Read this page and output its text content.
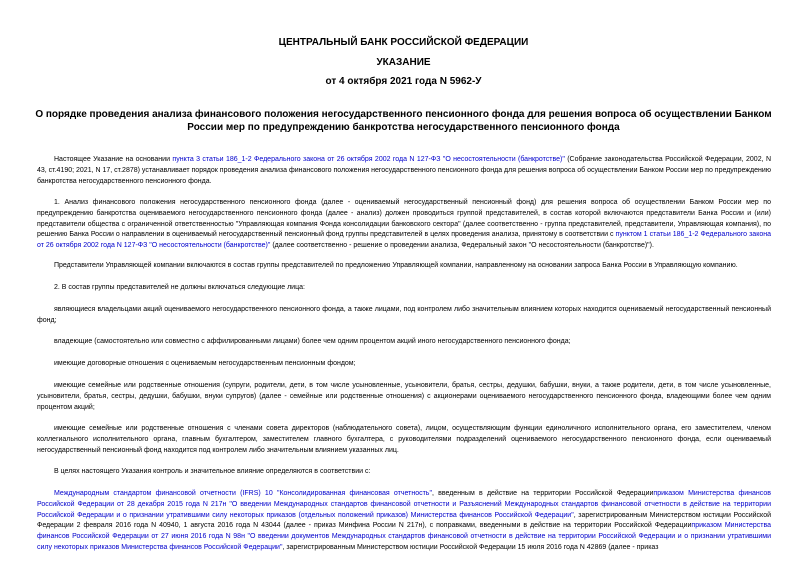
ЦЕНТРАЛЬНЫЙ БАНК РОССИЙСКОЙ ФЕДЕРАЦИИ
УКАЗАНИЕ
от 4 октября 2021 года N 5962-У
О порядке проведения анализа финансового положения негосударственного пенсионного фонда для решения вопроса об осуществлении Банком России мер по предупреждению банкротства негосударственного пенсионного фонда

Настоящее Указание на основании пункта 3 статьи 186_1-2 Федерального закона от 26 октября 2002 года N 127-ФЗ "О несостоятельности (банкротстве)" (Собрание законодательства Российской Федерации, 2002, N 43, ст.4190; 2021, N 17, ст.2878) устанавливает порядок проведения анализа финансового положения негосударственного пенсионного фонда для решения вопроса об осуществлении Банком России мер по предупреждению банкротства негосударственного пенсионного фонда.

1. Анализ финансового положения негосударственного пенсионного фонда (далее - оцениваемый негосударственный пенсионный фонд) для решения вопроса об осуществлении Банком России мер по предупреждению банкротства оцениваемого негосударственного пенсионного фонда (далее - анализ) должен проводиться группой представителей, в состав которой включаются представители Банка России и (или) представители общества с ограниченной ответственностью "Управляющая компания Фонда консолидации банковского сектора" (далее соответственно - группа представителей, представители, Управляющая компания), по решению Банка России о направлении в оцениваемый негосударственный пенсионный фонд группы представителей в целях проведения анализа, принятому в соответствии с пунктом 1 статьи 186_1-2 Федерального закона от 26 октября 2002 года N 127-ФЗ "О несостоятельности (банкротстве)" (далее соответственно - решение о проведении анализа, Федеральный закон "О несостоятельности (банкротстве)").

Представители Управляющей компании включаются в состав группы представителей по предложению Управляющей компании, направленному на основании запроса Банка России в Управляющую компанию.

2. В состав группы представителей не должны включаться следующие лица:

являющиеся владельцами акций оцениваемого негосударственного пенсионного фонда, а также лицами, под контролем либо значительным влиянием которых находится оцениваемый негосударственный пенсионный фонд;

владеющие (самостоятельно или совместно с аффилированными лицами) более чем одним процентом акций иного негосударственного пенсионного фонда;

имеющие договорные отношения с оцениваемым негосударственным пенсионным фондом;

имеющие семейные или родственные отношения (супруги, родители, дети, в том числе усыновленные, усыновители, братья, сестры, дедушки, бабушки, внуки, а также родители, дети, в том числе усыновленные, усыновители, братья, сестры, дедушки, бабушки, внуки супругов) (далее - семейные или родственные отношения) с акционерами оцениваемого негосударственного пенсионного фонда, владеющими более чем одним процентом акций;

имеющие семейные или родственные отношения с членами совета директоров (наблюдательного совета), лицом, осуществляющим функции единоличного исполнительного органа, его заместителем, членом коллегиального исполнительного органа, главным бухгалтером, заместителем главного бухгалтера, с руководителями подразделений оцениваемого негосударственного пенсионного фонда, если оцениваемый негосударственный пенсионный фонд находится под контролем либо значительным влиянием указанных лиц.

В целях настоящего Указания контроль и значительное влияние определяются в соответствии с:

Международным стандартом финансовой отчетности (IFRS) 10 "Консолидированная финансовая отчетность", введенным в действие на территории Российской Федерацииприказом Министерства финансов Российской Федерации от 28 декабря 2015 года N 217н "О введении Международных стандартов финансовой отчетности и Разъяснений Международных стандартов финансовой отчетности в действие на территории Российской Федерации и о признании утратившими силу некоторых приказов (отдельных положений приказов) Министерства финансов Российской Федерации", зарегистрированным Министерством юстиции Российской Федерации 2 февраля 2016 года N 40940, 1 августа 2016 года N 43044 (далее - приказ Минфина России N 217н), с поправками, введенными в действие на территории Российской Федерацииприказом Министерства финансов Российской Федерации от 27 июня 2016 года N 98н "О введении документов Международных стандартов финансовой отчетности в действие на территории Российской Федерации и о признании утратившими силу некоторых приказов Министерства финансов Российской Федерации", зарегистрированным Министерством юстиции Российской Федерации 15 июля 2016 года N 42869 (далее - приказ
